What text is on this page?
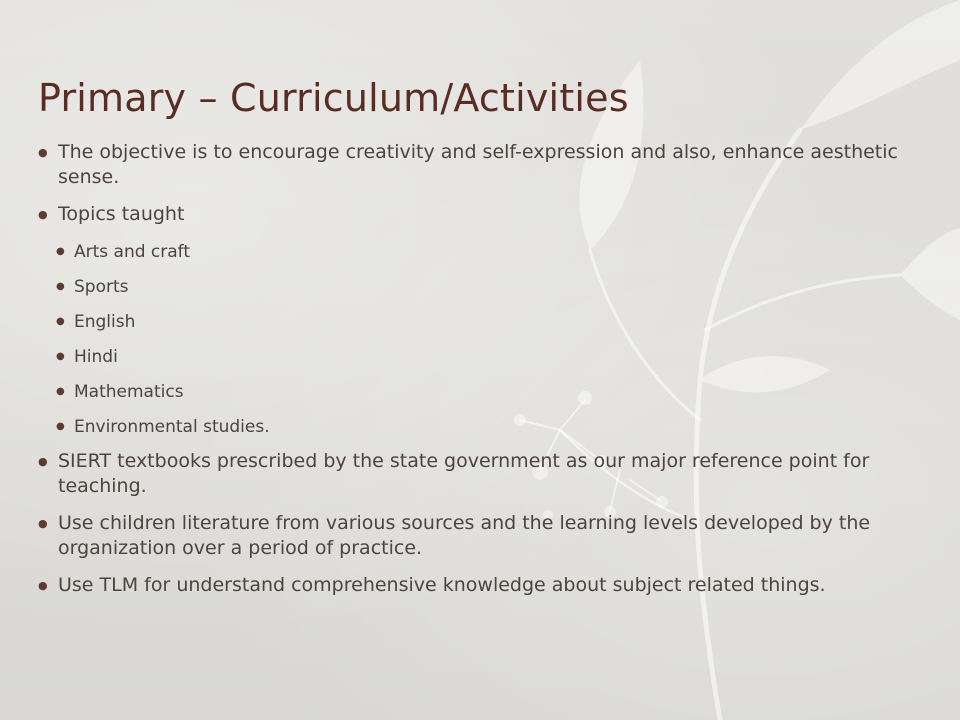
Primary – Curriculum/Activities

● The objective is to encourage creativity and self-expression and also, enhance aesthetic sense.

● Topics taught

● Arts and craft

● Sports

● English

● Hindi

● Mathematics

● Environmental studies.

● SIERT textbooks prescribed by the state government as our major reference point for teaching.

● Use children literature from various sources and the learning levels developed by the organization over a period of practice.

● Use TLM for understand comprehensive knowledge about subject related things.
